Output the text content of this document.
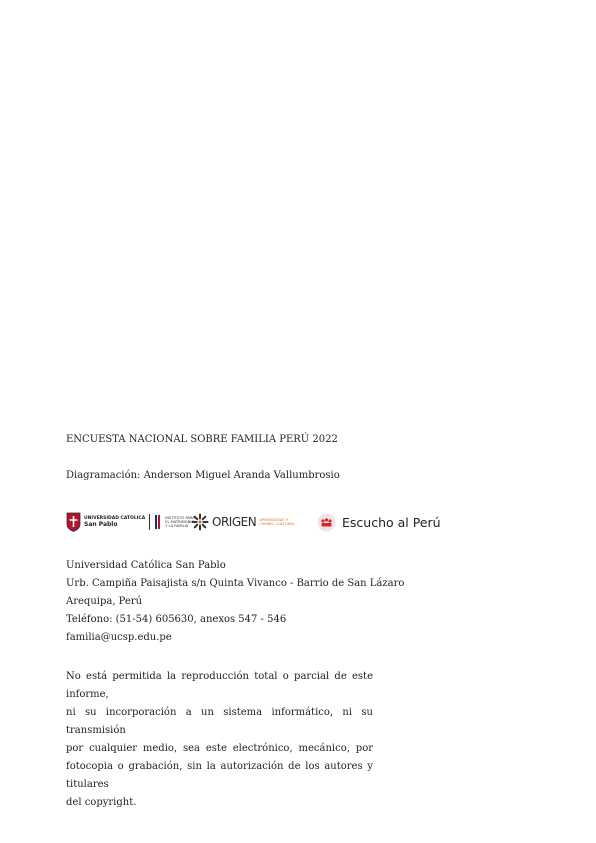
ENCUESTA NACIONAL SOBRE FAMILIA PERÚ 2022
Diagramación: Anderson Miguel Aranda Vallumbrosio
UNIVERSIDAD CATÓLICA
San Pablo
INSTITUTO PARA
EL MATRIMONIO
Y LA FAMILIA	ORIGEN APRENDIZAJE Y
CAMBIO CULTURAL	Escucho al Perú
Universidad Católica San Pablo
Urb. Campiña Paisajista s/n Quinta Vivanco - Barrio de San Lázaro
Arequipa, Perú
Teléfono: (51-54) 605630, anexos 547 - 546
familia@ucsp.edu.pe
No está permitida la reproducción total o parcial de este informe,
ni su incorporación a un sistema informático, ni su transmisión
por cualquier medio, sea este electrónico, mecánico, por
fotocopia o grabación, sin la autorización de los autores y titulares
del copyright.
